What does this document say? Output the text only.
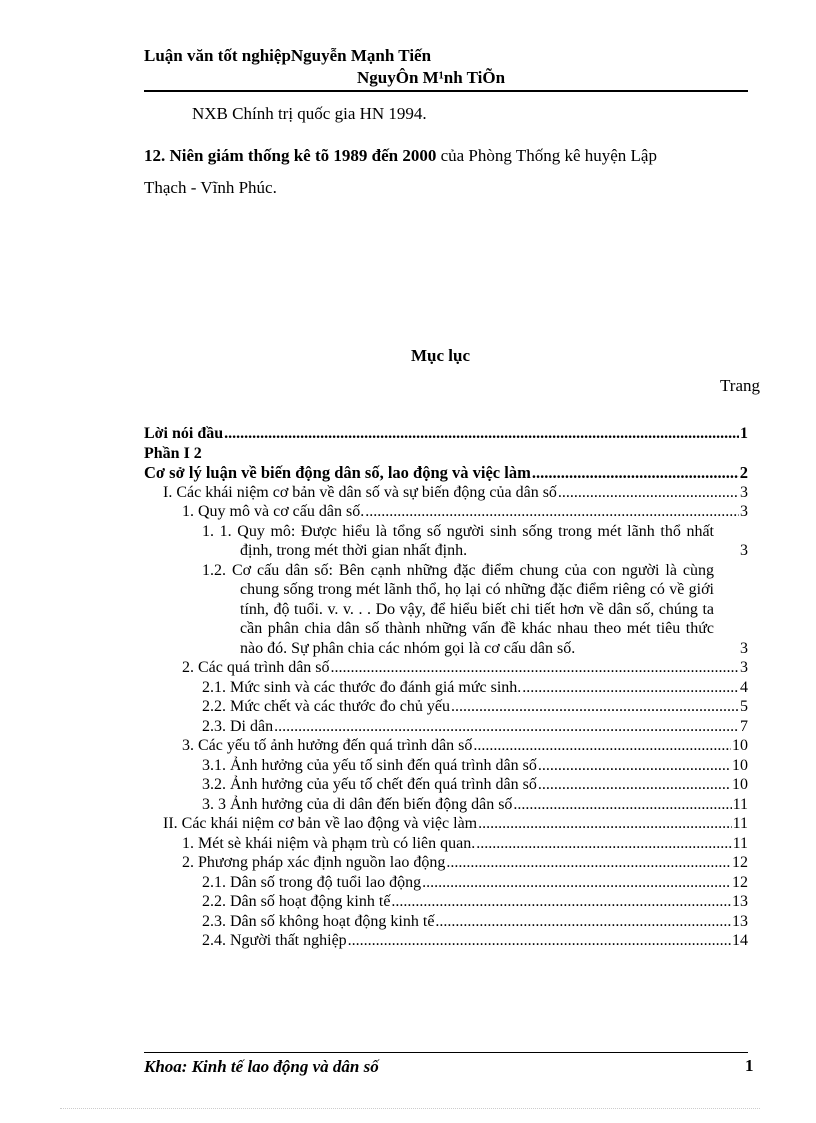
Luận văn tốt nghiệpNguyễn Mạnh Tiến
NguyÔn M¹nh TiÕn
NXB Chính trị quốc gia HN 1994.
12. Niên giám thống kê tõ 1989 đến 2000 của Phòng Thống kê huyện Lập
Thạch - Vĩnh Phúc.
Mục lục
Trang
Lời nói đầu .....	1
Phần I 2
Cơ sở lý luận về biến động dân số, lao động và việc làm .....	2
I. Các khái niệm cơ bản về dân số và sự biến động của dân số .....	3
1. Quy mô và cơ cấu dân số. .....	3
1. 1. Quy mô: Được hiểu là tổng số người sinh sống trong mét lãnh thổ nhất định, trong mét thời gian nhất định.	3
1.2. Cơ cấu dân số: Bên cạnh những đặc điểm chung của con người là cùng chung sống trong mét lãnh thổ, họ lại có những đặc điểm riêng có về giới tính, độ tuổi. v. v. . . Do vậy, để hiểu biết chi tiết hơn về dân số, chúng ta cần phân chia dân số thành những vấn đề khác nhau theo mét tiêu thức nào đó. Sự phân chia các nhóm gọi là cơ cấu dân số.	3
2. Các quá trình dân số .....	3
2.1. Mức sinh và các thước đo đánh giá mức sinh. .....	4
2.2. Mức chết và các thước đo chủ yếu .....	5
2.3. Di dân .....	7
3. Các yếu tố ảnh hưởng đến quá trình dân số .....	10
3.1. Ảnh hưởng của yếu tố sinh đến quá trình dân số .....	10
3.2. Ảnh hưởng của yếu tố chết đến quá trình dân số .....	10
3. 3 Ảnh hưởng của di dân đến biến động dân số .....	11
II. Các khái niệm cơ bản về lao động và việc làm .....	11
1. Mét sè khái niệm và phạm trù có liên quan. .....	11
2. Phương pháp xác định nguồn lao động .....	12
2.1. Dân số trong độ tuổi lao động .....	12
2.2. Dân số hoạt động kinh tế .....	13
2.3. Dân số không hoạt động kinh tế .....	13
2.4. Người thất nghiệp .....	14
Khoa: Kinh tế lao động và dân số	1
